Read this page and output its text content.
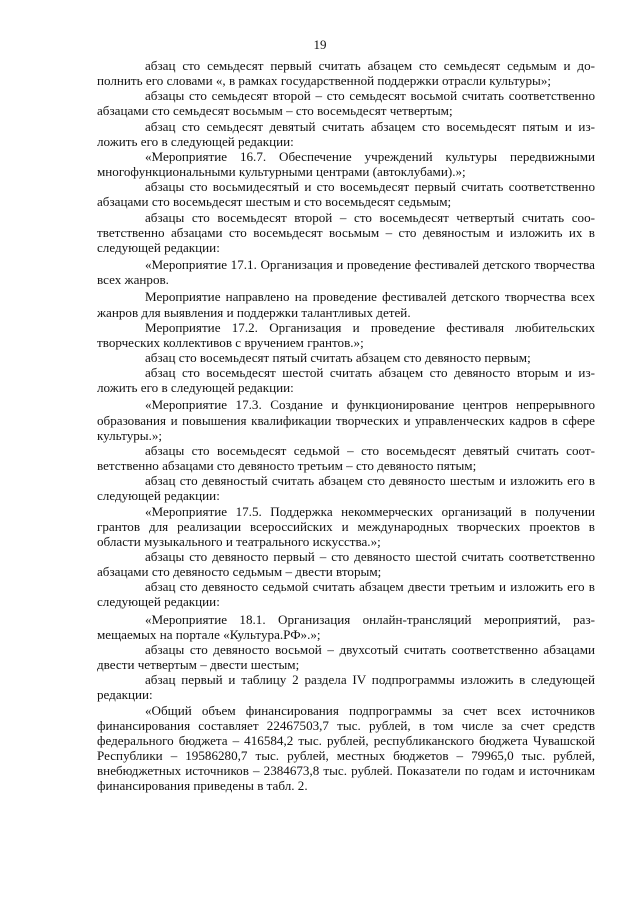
19

абзац сто семьдесят первый считать абзацем сто семьдесят седьмым и дополнить его словами «, в рамках государственной поддержки отрасли культуры»;

абзацы сто семьдесят второй – сто семьдесят восьмой считать соответственно абзацами сто семьдесят восьмым – сто восемьдесят четвертым;

абзац сто семьдесят девятый считать абзацем сто восемьдесят пятым и изложить его в следующей редакции:

«Мероприятие 16.7. Обеспечение учреждений культуры передвижными многофункциональными культурными центрами (автоклубами).»;

абзацы сто восьмидесятый и сто восемьдесят первый считать соответственно абзацами сто восемьдесят шестым и сто восемьдесят седьмым;

абзацы сто восемьдесят второй – сто восемьдесят четвертый считать соответственно абзацами сто восемьдесят восьмым – сто девяностым и изложить их в следующей редакции:

«Мероприятие 17.1. Организация и проведение фестивалей детского творчества всех жанров.

Мероприятие направлено на проведение фестивалей детского творчества всех жанров для выявления и поддержки талантливых детей.

Мероприятие 17.2. Организация и проведение фестиваля любительских творческих коллективов с вручением грантов.»;

абзац сто восемьдесят пятый считать абзацем сто девяносто первым;

абзац сто восемьдесят шестой считать абзацем сто девяносто вторым и изложить его в следующей редакции:

«Мероприятие 17.3. Создание и функционирование центров непрерывного образования и повышения квалификации творческих и управленческих кадров в сфере культуры.»;

абзацы сто восемьдесят седьмой – сто восемьдесят девятый считать соответственно абзацами сто девяносто третьим – сто девяносто пятым;

абзац сто девяностый считать абзацем сто девяносто шестым и изложить его в следующей редакции:

«Мероприятие 17.5. Поддержка некоммерческих организаций в получении грантов для реализации всероссийских и международных творческих проектов в области музыкального и театрального искусства.»;

абзацы сто девяносто первый – сто девяносто шестой считать соответственно абзацами сто девяносто седьмым – двести вторым;

абзац сто девяносто седьмой считать абзацем двести третьим и изложить его в следующей редакции:

«Мероприятие 18.1. Организация онлайн-трансляций мероприятий, размещаемых на портале «Культура.РФ».»;

абзацы сто девяносто восьмой – двухсотый считать соответственно абзацами двести четвертым – двести шестым;

абзац первый и таблицу 2 раздела IV подпрограммы изложить в следующей редакции:

«Общий объем финансирования подпрограммы за счет всех источников финансирования составляет 22467503,7 тыс. рублей, в том числе за счет средств федерального бюджета – 416584,2 тыс. рублей, республиканского бюджета Чувашской Республики – 19586280,7 тыс. рублей, местных бюджетов – 79965,0 тыс. рублей, внебюджетных источников – 2384673,8 тыс. рублей. Показатели по годам и источникам финансирования приведены в табл. 2.
